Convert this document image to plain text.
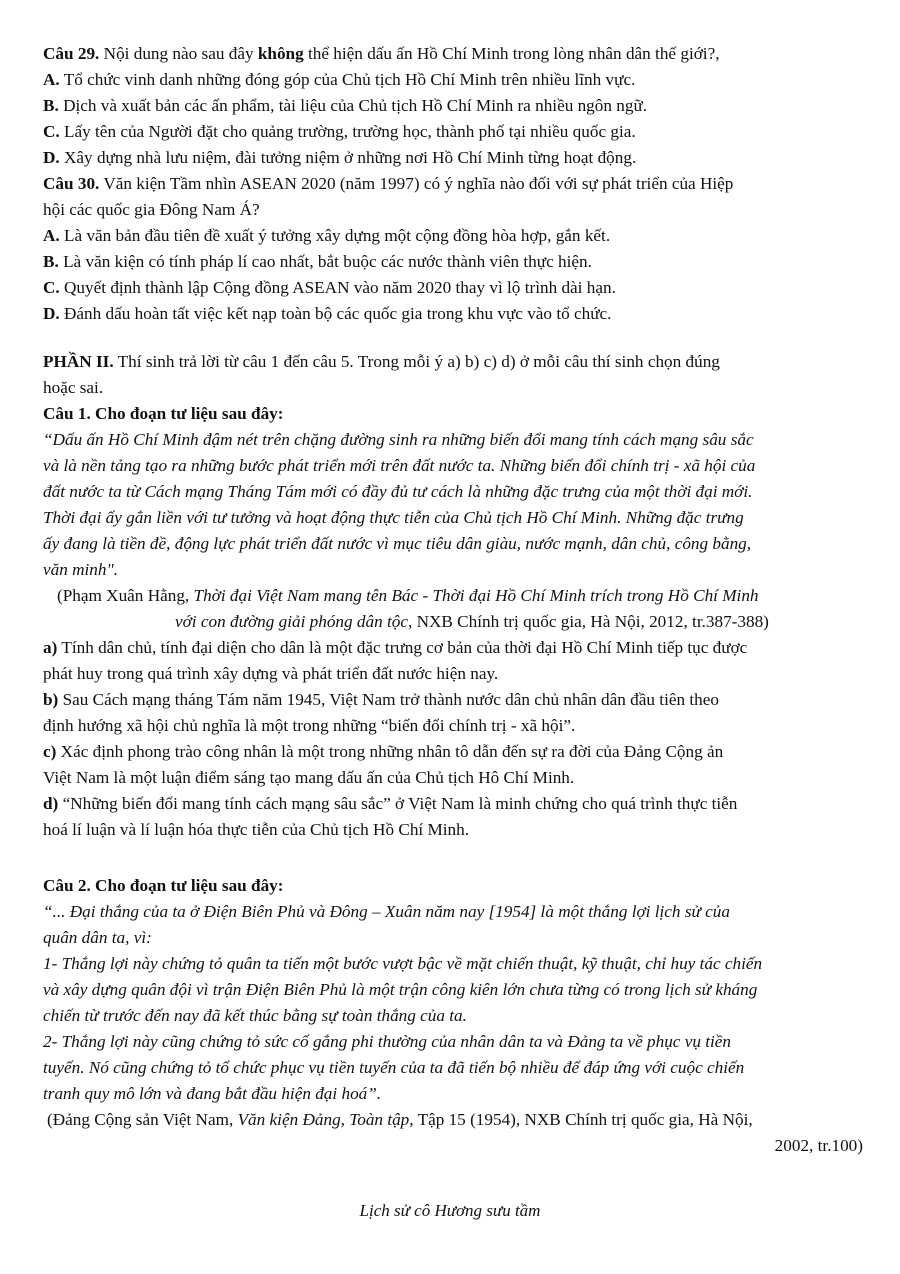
Câu 29. Nội dung nào sau đây không thể hiện dấu ấn Hồ Chí Minh trong lòng nhân dân thế giới?,
A. Tổ chức vinh danh những đóng góp của Chủ tịch Hồ Chí Minh trên nhiều lĩnh vực.
B. Dịch và xuất bản các ấn phẩm, tài liệu của Chủ tịch Hồ Chí Minh ra nhiều ngôn ngữ.
C. Lấy tên của Người đặt cho quảng trường, trường học, thành phố tại nhiều quốc gia.
D. Xây dựng nhà lưu niệm, đài tưởng niệm ở những nơi Hồ Chí Minh từng hoạt động.
Câu 30. Văn kiện Tầm nhìn ASEAN 2020 (năm 1997) có ý nghĩa nào đối với sự phát triển của Hiệp
hội các quốc gia Đông Nam Á?
A. Là văn bản đầu tiên đề xuất ý tưởng xây dựng một cộng đồng hòa hợp, gắn kết.
B. Là văn kiện có tính pháp lí cao nhất, bắt buộc các nước thành viên thực hiện.
C. Quyết định thành lập Cộng đồng ASEAN vào năm 2020 thay vì lộ trình dài hạn.
D. Đánh dấu hoàn tất việc kết nạp toàn bộ các quốc gia trong khu vực vào tổ chức.
PHẦN II. Thí sinh trả lời từ câu 1 đến câu 5. Trong mỗi ý a) b) c) d) ở mỗi câu thí sinh chọn đúng
hoặc sai.
Câu 1. Cho đoạn tư liệu sau đây:
“Dấu ấn Hồ Chí Minh đậm nét trên chặng đường sinh ra những biến đổi mang tính cách mạng sâu sắc
và là nền tảng tạo ra những bước phát triển mới trên đất nước ta. Những biến đổi chính trị - xã hội của
đất nước ta từ Cách mạng Tháng Tám mới có đầy đủ tư cách là những đặc trưng của một thời đại mới.
Thời đại ấy gắn liền với tư tưởng và hoạt động thực tiễn của Chủ tịch Hồ Chí Minh. Những đặc trưng
ấy đang là tiền đề, động lực phát triển đất nước vì mục tiêu dân giàu, nước mạnh, dân chủ, công bằng,
văn minh".
(Phạm Xuân Hằng, Thời đại Việt Nam mang tên Bác - Thời đại Hồ Chí Minh trích trong Hồ Chí Minh
với con đường giải phóng dân tộc, NXB Chính trị quốc gia, Hà Nội, 2012, tr.387-388)
a) Tính dân chủ, tính đại diện cho dân là một đặc trưng cơ bản của thời đại Hồ Chí Minh tiếp tục được
phát huy trong quá trình xây dựng và phát triển đất nước hiện nay.
b) Sau Cách mạng tháng Tám năm 1945, Việt Nam trở thành nước dân chủ nhân dân đầu tiên theo
định hướng xã hội chủ nghĩa là một trong những “biến đổi chính trị - xã hội”.
c) Xác định phong trào công nhân là một trong những nhân tô dẫn đến sự ra đời của Đảng Cộng ản
Việt Nam là một luận điểm sáng tạo mang dấu ấn của Chủ tịch Hô Chí Minh.
d) “Những biến đổi mang tính cách mạng sâu sắc” ở Việt Nam là minh chứng cho quá trình thực tiễn
hoá lí luận và lí luận hóa thực tiễn của Chủ tịch Hồ Chí Minh.
Câu 2. Cho đoạn tư liệu sau đây:
“... Đại thắng của ta ở Điện Biên Phủ và Đông – Xuân năm nay [1954] là một thắng lợi lịch sử của
quân dân ta, vì:
1- Thắng lợi này chứng tỏ quân ta tiến một bước vượt bậc về mặt chiến thuật, kỹ thuật, chỉ huy tác chiến
và xây dựng quân đội vì trận Điện Biên Phủ là một trận công kiên lớn chưa từng có trong lịch sử kháng
chiến từ trước đến nay đã kết thúc bằng sự toàn thắng của ta.
2- Thắng lợi này cũng chứng tỏ sức cố gắng phi thường của nhân dân ta và Đảng ta về phục vụ tiền
tuyến. Nó cũng chứng tỏ tổ chức phục vụ tiền tuyến của ta đã tiến bộ nhiều để đáp ứng với cuộc chiến
tranh quy mô lớn và đang bắt đầu hiện đại hoá”.
(Đảng Cộng sản Việt Nam, Văn kiện Đảng, Toàn tập, Tập 15 (1954), NXB Chính trị quốc gia, Hà Nội,
2002, tr.100)
Lịch sử cô Hương sưu tầm
